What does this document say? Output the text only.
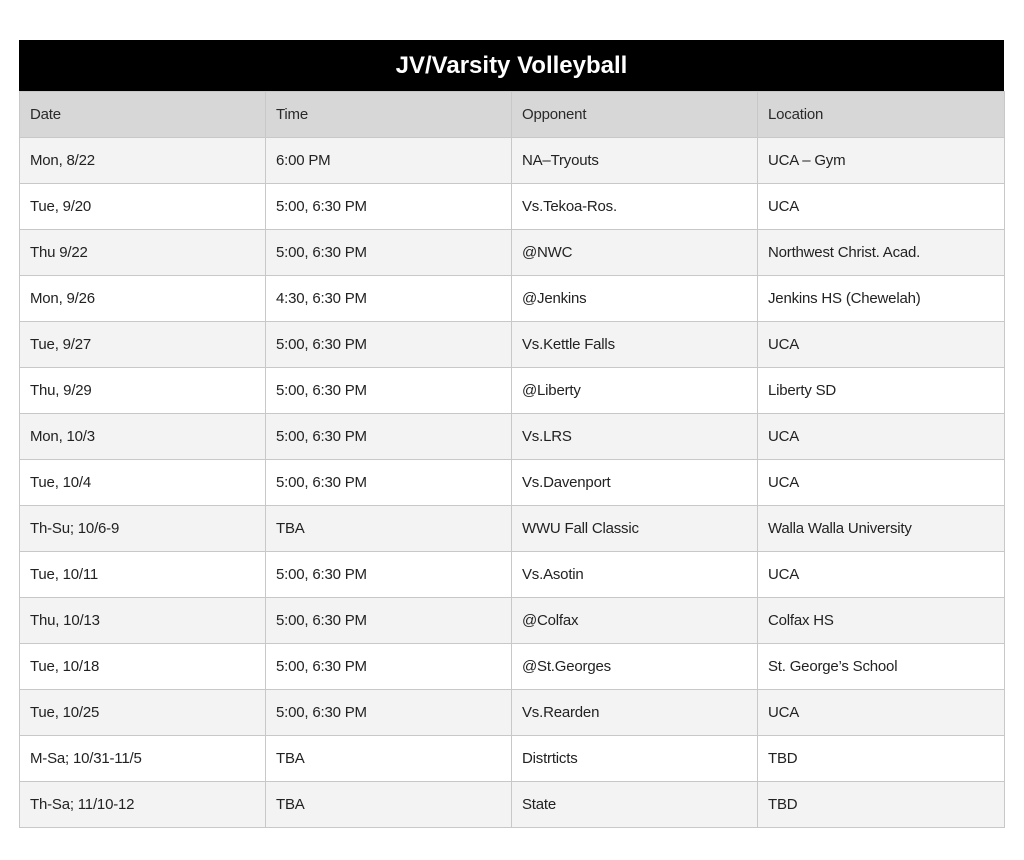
JV/Varsity Volleyball
Date	Time	Opponent	Location
Mon, 8/22	6:00 PM	NA–Tryouts	UCA – Gym
Tue, 9/20	5:00, 6:30 PM	Vs.Tekoa-Ros.	UCA
Thu 9/22	5:00, 6:30 PM	@NWC	Northwest Christ. Acad.
Mon, 9/26	4:30, 6:30 PM	@Jenkins	Jenkins HS (Chewelah)
Tue, 9/27	5:00, 6:30 PM	Vs.Kettle Falls	UCA
Thu, 9/29	5:00, 6:30 PM	@Liberty	Liberty SD
Mon, 10/3	5:00, 6:30 PM	Vs.LRS	UCA
Tue, 10/4	5:00, 6:30 PM	Vs.Davenport	UCA
Th-Su; 10/6-9	TBA	WWU Fall Classic	Walla Walla University
Tue, 10/11	5:00, 6:30 PM	Vs.Asotin	UCA
Thu, 10/13	5:00, 6:30 PM	@Colfax	Colfax HS
Tue, 10/18	5:00, 6:30 PM	@St.Georges	St. George’s School
Tue, 10/25	5:00, 6:30 PM	Vs.Rearden	UCA
M-Sa; 10/31-11/5	TBA	Distrticts	TBD
Th-Sa; 11/10-12	TBA	State	TBD
